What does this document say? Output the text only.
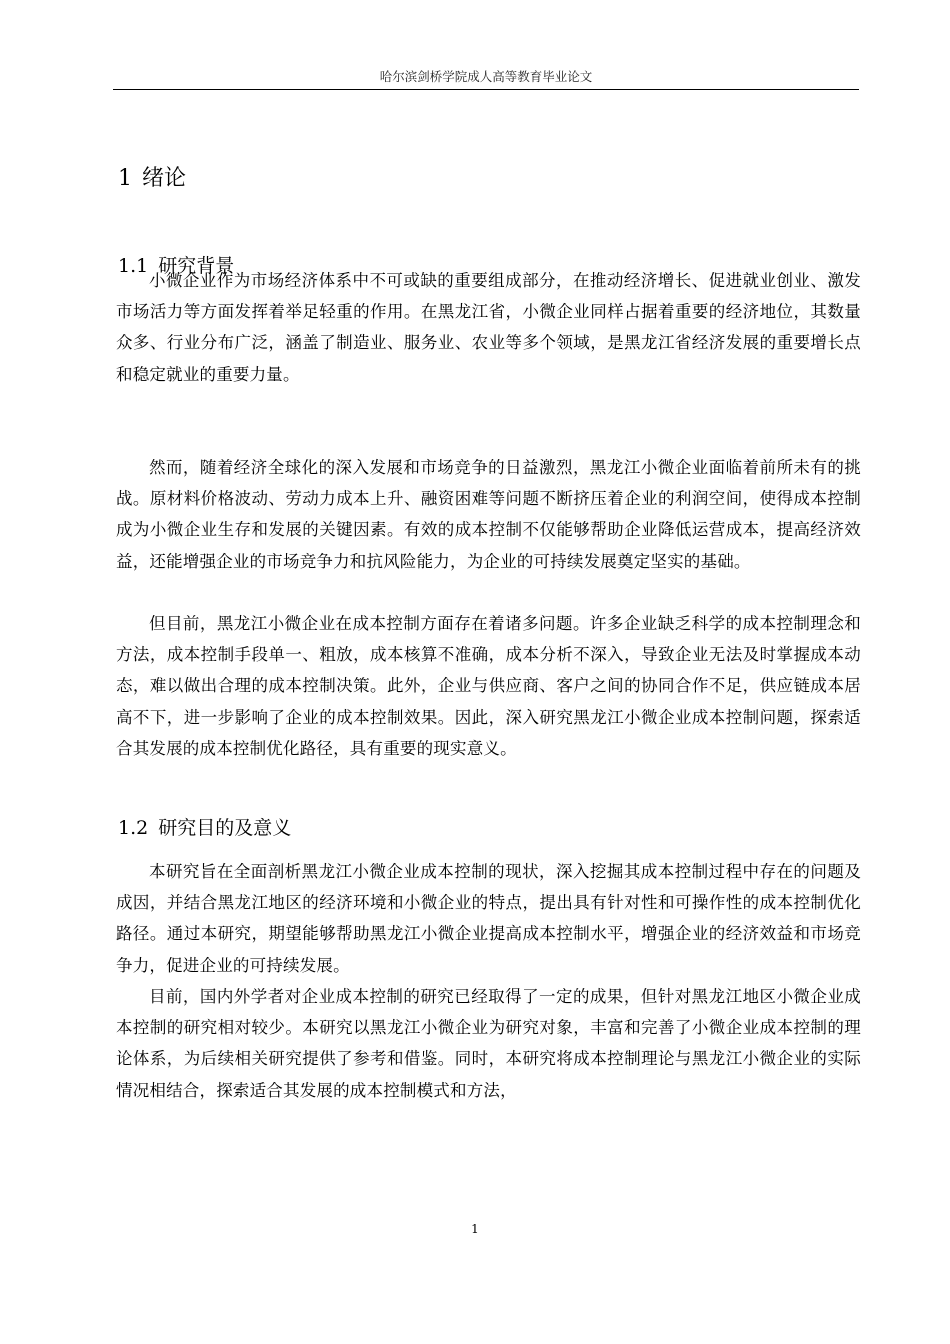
哈尔滨剑桥学院成人高等教育毕业论文
1 绪论
1.1 研究背景

小微企业作为市场经济体系中不可或缺的重要组成部分，在推动经济增长、促进就业创业、激发市场活力等方面发挥着举足轻重的作用。在黑龙江省，小微企业同样占据着重要的经济地位，其数量众多、行业分布广泛，涵盖了制造业、服务业、农业等多个领域，是黑龙江省经济发展的重要增长点和稳定就业的重要力量。

然而，随着经济全球化的深入发展和市场竞争的日益激烈，黑龙江小微企业面临着前所未有的挑战。原材料价格波动、劳动力成本上升、融资困难等问题不断挤压着企业的利润空间，使得成本控制成为小微企业生存和发展的关键因素。有效的成本控制不仅能够帮助企业降低运营成本，提高经济效益，还能增强企业的市场竞争力和抗风险能力，为企业的可持续发展奠定坚实的基础。

但目前，黑龙江小微企业在成本控制方面存在着诸多问题。许多企业缺乏科学的成本控制理念和方法，成本控制手段单一、粗放，成本核算不准确，成本分析不深入，导致企业无法及时掌握成本动态，难以做出合理的成本控制决策。此外，企业与供应商、客户之间的协同合作不足，供应链成本居高不下，进一步影响了企业的成本控制效果。因此，深入研究黑龙江小微企业成本控制问题，探索适合其发展的成本控制优化路径，具有重要的现实意义。

1.2 研究目的及意义

本研究旨在全面剖析黑龙江小微企业成本控制的现状，深入挖掘其成本控制过程中存在的问题及成因，并结合黑龙江地区的经济环境和小微企业的特点，提出具有针对性和可操作性的成本控制优化路径。通过本研究，期望能够帮助黑龙江小微企业提高成本控制水平，增强企业的经济效益和市场竞争力，促进企业的可持续发展。

目前，国内外学者对企业成本控制的研究已经取得了一定的成果，但针对黑龙江地区小微企业成本控制的研究相对较少。本研究以黑龙江小微企业为研究对象，丰富和完善了小微企业成本控制的理论体系，为后续相关研究提供了参考和借鉴。同时，本研究将成本控制理论与黑龙江小微企业的实际情况相结合，探索适合其发展的成本控制模式和方法，

1
